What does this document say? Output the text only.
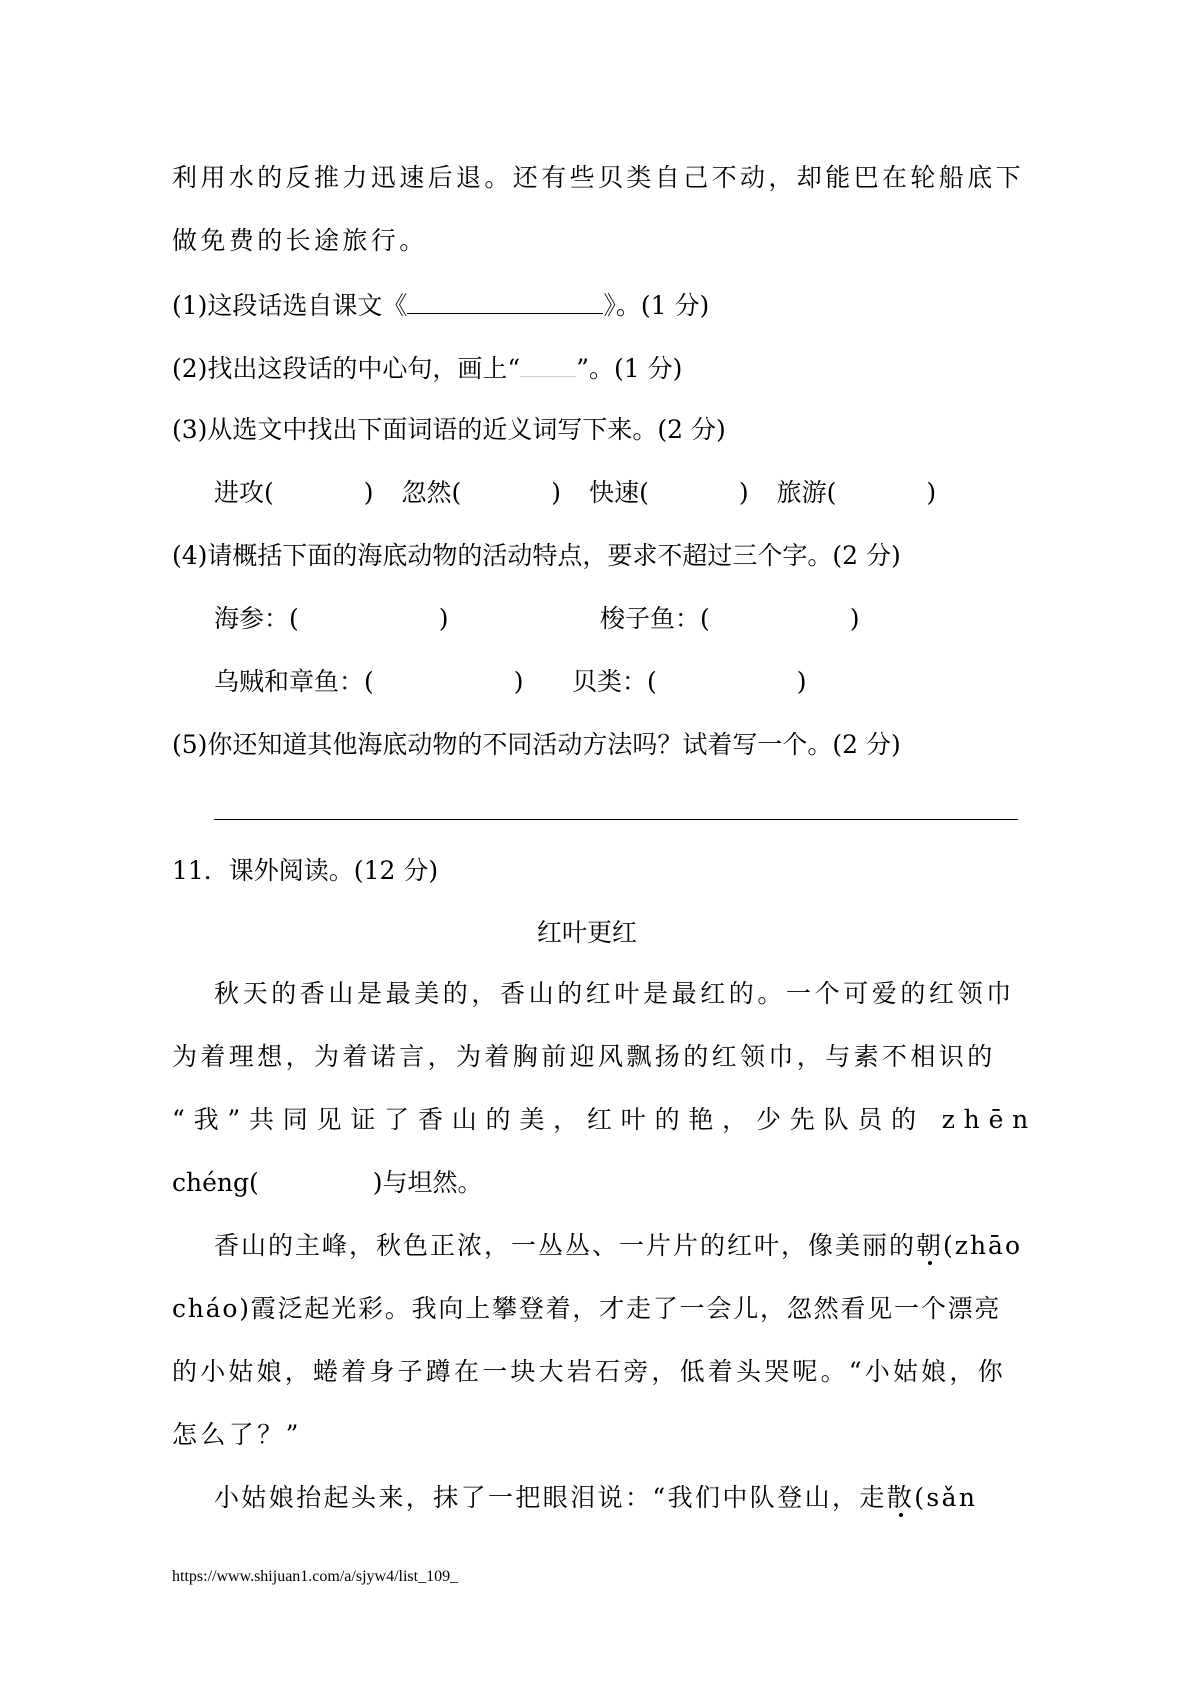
利用水的反推力迅速后退。还有些贝类自己不动，却能巴在轮船底下
做免费的长途旅行。
(1)这段话选自课文《	》。(1 分)
(2)找出这段话的中心句，画上“ ”。(1 分)
(3)从选文中找出下面词语的近义词写下来。(2 分)
进攻(	) 忽然(	) 快速(	) 旅游(	)
(4)请概括下面的海底动物的活动特点，要求不超过三个字。(2 分)
海参：(	)	梭子鱼：(	)
乌贼和章鱼：(	) 贝类：(	)
(5)你还知道其他海底动物的不同活动方法吗？试着写一个。(2 分)
11．课外阅读。(12 分)
红叶更红
秋天的香山是最美的，香山的红叶是最红的。一个可爱的红领巾
为着理想，为着诺言，为着胸前迎风飘扬的红领巾，与素不相识的
“我”共同见证了香山的美，红叶的艳，少先队员的 zhēn
chéng(	)与坦然。
香山的主峰，秋色正浓，一丛丛、一片片的红叶，像美丽的朝(zhāo
cháo)霞泛起光彩。我向上攀登着，才走了一会儿，忽然看见一个漂亮
的小姑娘，蜷着身子蹲在一块大岩石旁，低着头哭呢。“小姑娘，你
怎么了？”
小姑娘抬起头来，抹了一把眼泪说：“我们中队登山，走散(sǎn
https://www.shijuan1.com/a/sjyw4/list_109_
